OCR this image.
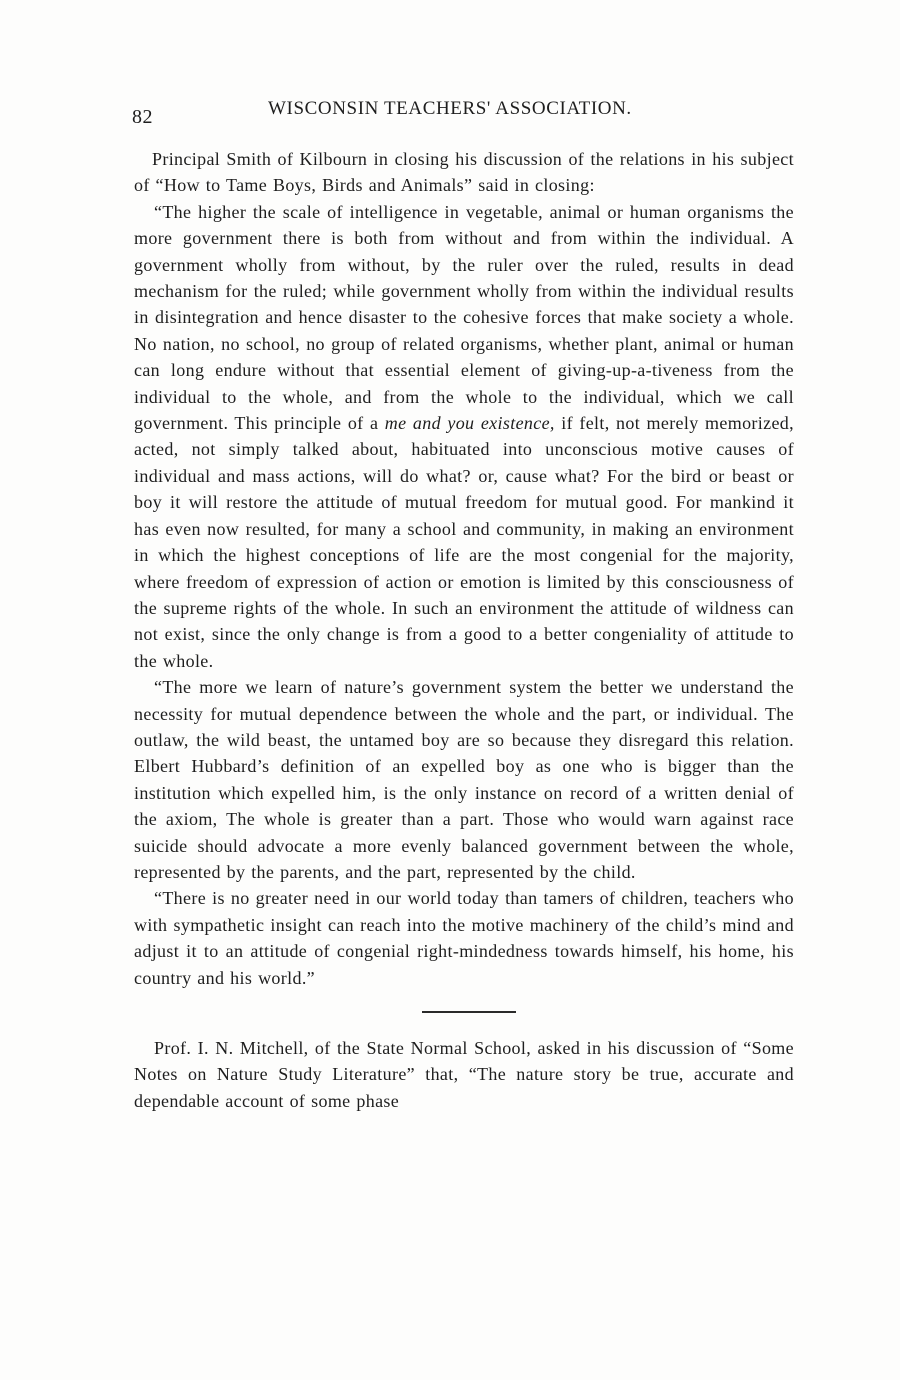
82	WISCONSIN TEACHERS' ASSOCIATION.

Principal Smith of Kilbourn in closing his discussion of the relations in his subject of “How to Tame Boys, Birds and Animals” said in closing:

“The higher the scale of intelligence in vegetable, animal or human organisms the more government there is both from without and from within the individual. A government wholly from without, by the ruler over the ruled, results in dead mechanism for the ruled; while government wholly from within the individual results in disintegration and hence disaster to the cohesive forces that make society a whole. No nation, no school, no group of related organisms, whether plant, animal or human can long endure without that essential element of giving-up-a-tiveness from the individual to the whole, and from the whole to the individual, which we call government. This principle of a me and you existence, if felt, not merely memorized, acted, not simply talked about, habituated into unconscious motive causes of individual and mass actions, will do what? or, cause what? For the bird or beast or boy it will restore the attitude of mutual freedom for mutual good. For mankind it has even now resulted, for many a school and community, in making an environment in which the highest conceptions of life are the most congenial for the majority, where freedom of expression of action or emotion is limited by this consciousness of the supreme rights of the whole. In such an environment the attitude of wildness can not exist, since the only change is from a good to a better congeniality of attitude to the whole.

“The more we learn of nature’s government system the better we understand the necessity for mutual dependence between the whole and the part, or individual. The outlaw, the wild beast, the untamed boy are so because they disregard this relation. Elbert Hubbard’s definition of an expelled boy as one who is bigger than the institution which expelled him, is the only instance on record of a written denial of the axiom, The whole is greater than a part. Those who would warn against race suicide should advocate a more evenly balanced government between the whole, represented by the parents, and the part, represented by the child.

“There is no greater need in our world today than tamers of children, teachers who with sympathetic insight can reach into the motive machinery of the child’s mind and adjust it to an attitude of congenial right-mindedness towards himself, his home, his country and his world.”

Prof. I. N. Mitchell, of the State Normal School, asked in his discussion of “Some Notes on Nature Study Literature” that, “The nature story be true, accurate and dependable account of some phase
